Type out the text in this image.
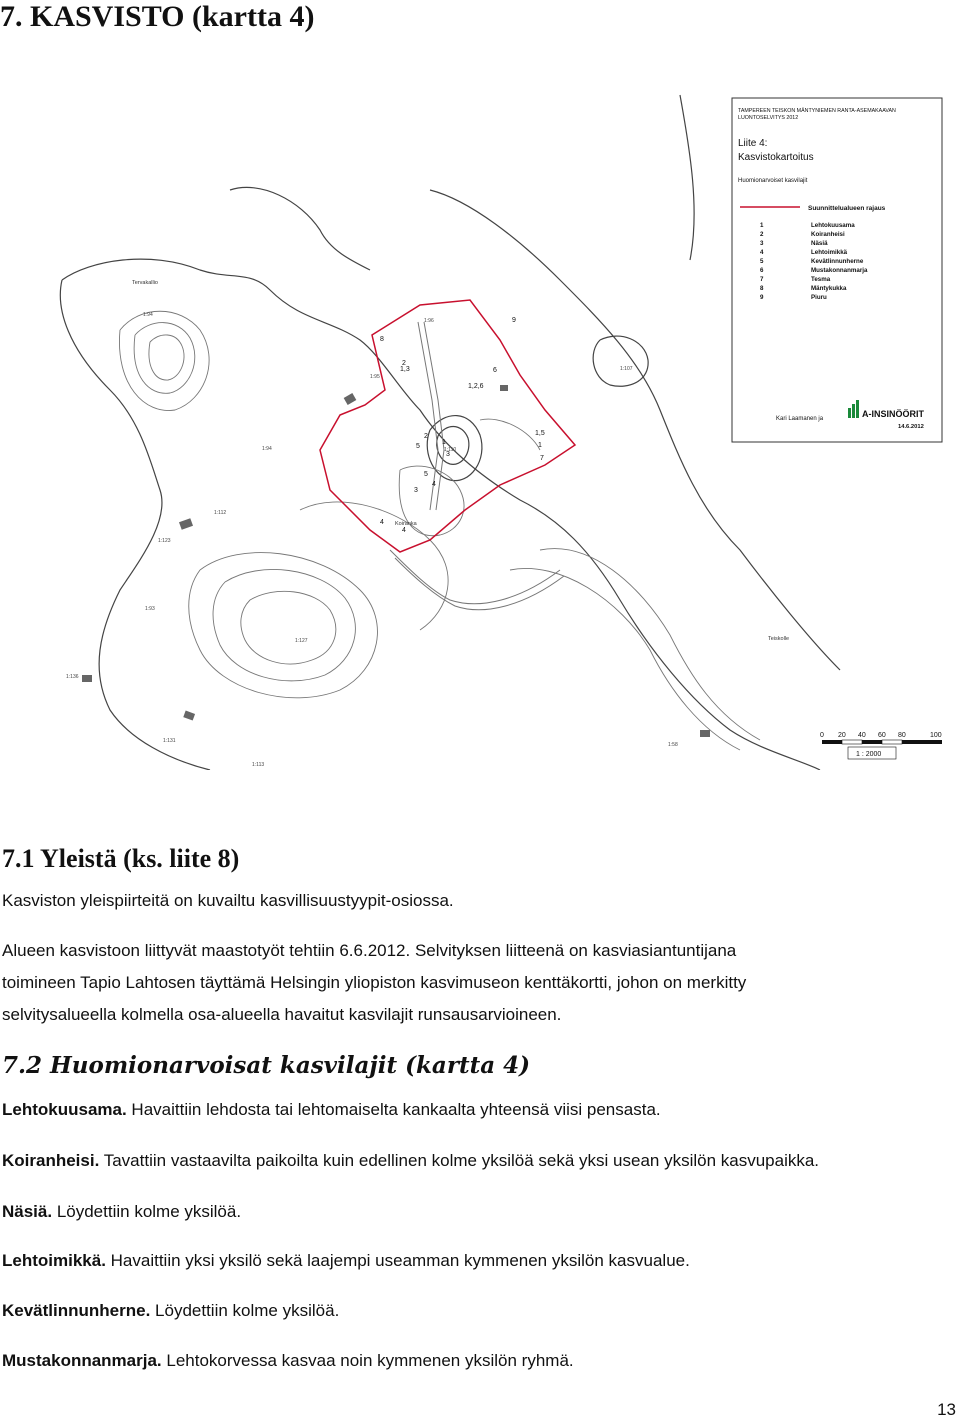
7. KASVISTO (kartta 4)
Tervakallio
Koiranka
Teiskolle
1:94
1:96
1:95
1:110
1:107
1:94
1:112
1:123
1:93
1:127
1:131
1:113
1:58
1:136
9
8
2
1,3	6
1,2,6
1,5
1
7
2
5
1
3
5
4
3
4
4
TAMPEREEN TEISKON MÄNTYNIEMEN RANTA-ASEMAKAAVAN
LUONTOSELVITYS 2012
Liite 4:
Kasvistokartoitus
Huomionarvoiset kasvilajit
Suunnittelualueen rajaus
1	Lehtokuusama
2	Koiranheisi
3	Näsiä
4	Lehtoimikkä
5	Kevätlinnunherne
6	Mustakonnanmarja
7	Tesma
8	Mäntykukka
9	Piuru
Kari Laamanen ja	A-INSINÖÖRIT
14.6.2012
0 20 40 60 80	100
1 : 2000
7.1 Yleistä (ks. liite 8)

Kasviston yleispiirteitä on kuvailtu kasvillisuustyypit-osiossa.

Alueen kasvistoon liittyvät maastotyöt tehtiin 6.6.2012. Selvityksen liitteenä on kasviasiantuntijana

toimineen Tapio Lahtosen täyttämä Helsingin yliopiston kasvimuseon kenttäkortti, johon on merkitty

selvitysalueella kolmella osa-alueella havaitut kasvilajit runsausarvioineen.

7.2 Huomionarvoisat kasvilajit (kartta 4)

Lehtokuusama. Havaittiin lehdosta tai lehtomaiselta kankaalta yhteensä viisi pensasta.

Koiranheisi. Tavattiin vastaavilta paikoilta kuin edellinen kolme yksilöä sekä yksi usean yksilön kasvupaikka.

Näsiä. Löydettiin kolme yksilöä.

Lehtoimikkä. Havaittiin yksi yksilö sekä laajempi useamman kymmenen yksilön kasvualue.

Kevätlinnunherne. Löydettiin kolme yksilöä.

Mustakonnanmarja. Lehtokorvessa kasvaa noin kymmenen yksilön ryhmä.

13
